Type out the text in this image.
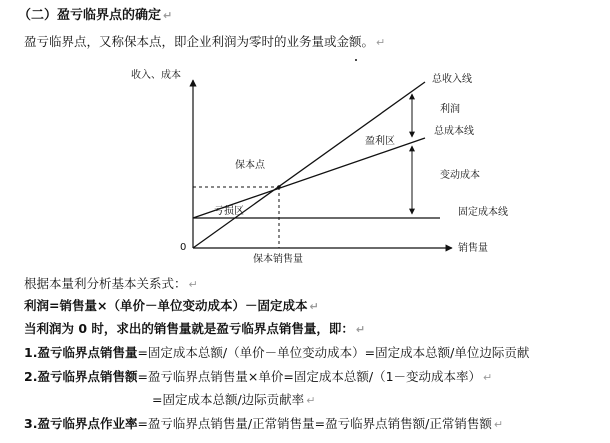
（二）盈亏临界点的确定 ↵
盈亏临界点，又称保本点，即企业利润为零时的业务量或金额。 ↵
收入、成本
0	销售量
总收入线
利润
总成本线
盈利区
保本点
变动成本
亏损区	固定成本线
保本销售量
根据本量利分析基本关系式： ↵
利润=销售量×（单价－单位变动成本）－固定成本 ↵
当利润为 0 时，求出的销售量就是盈亏临界点销售量，即： ↵
1.盈亏临界点销售量=固定成本总额/（单价－单位变动成本）=固定成本总额/单位边际贡献
2.盈亏临界点销售额=盈亏临界点销售量×单价=固定成本总额/（1－变动成本率） ↵
=固定成本总额/边际贡献率 ↵
3.盈亏临界点作业率=盈亏临界点销售量/正常销售量=盈亏临界点销售额/正常销售额 ↵
